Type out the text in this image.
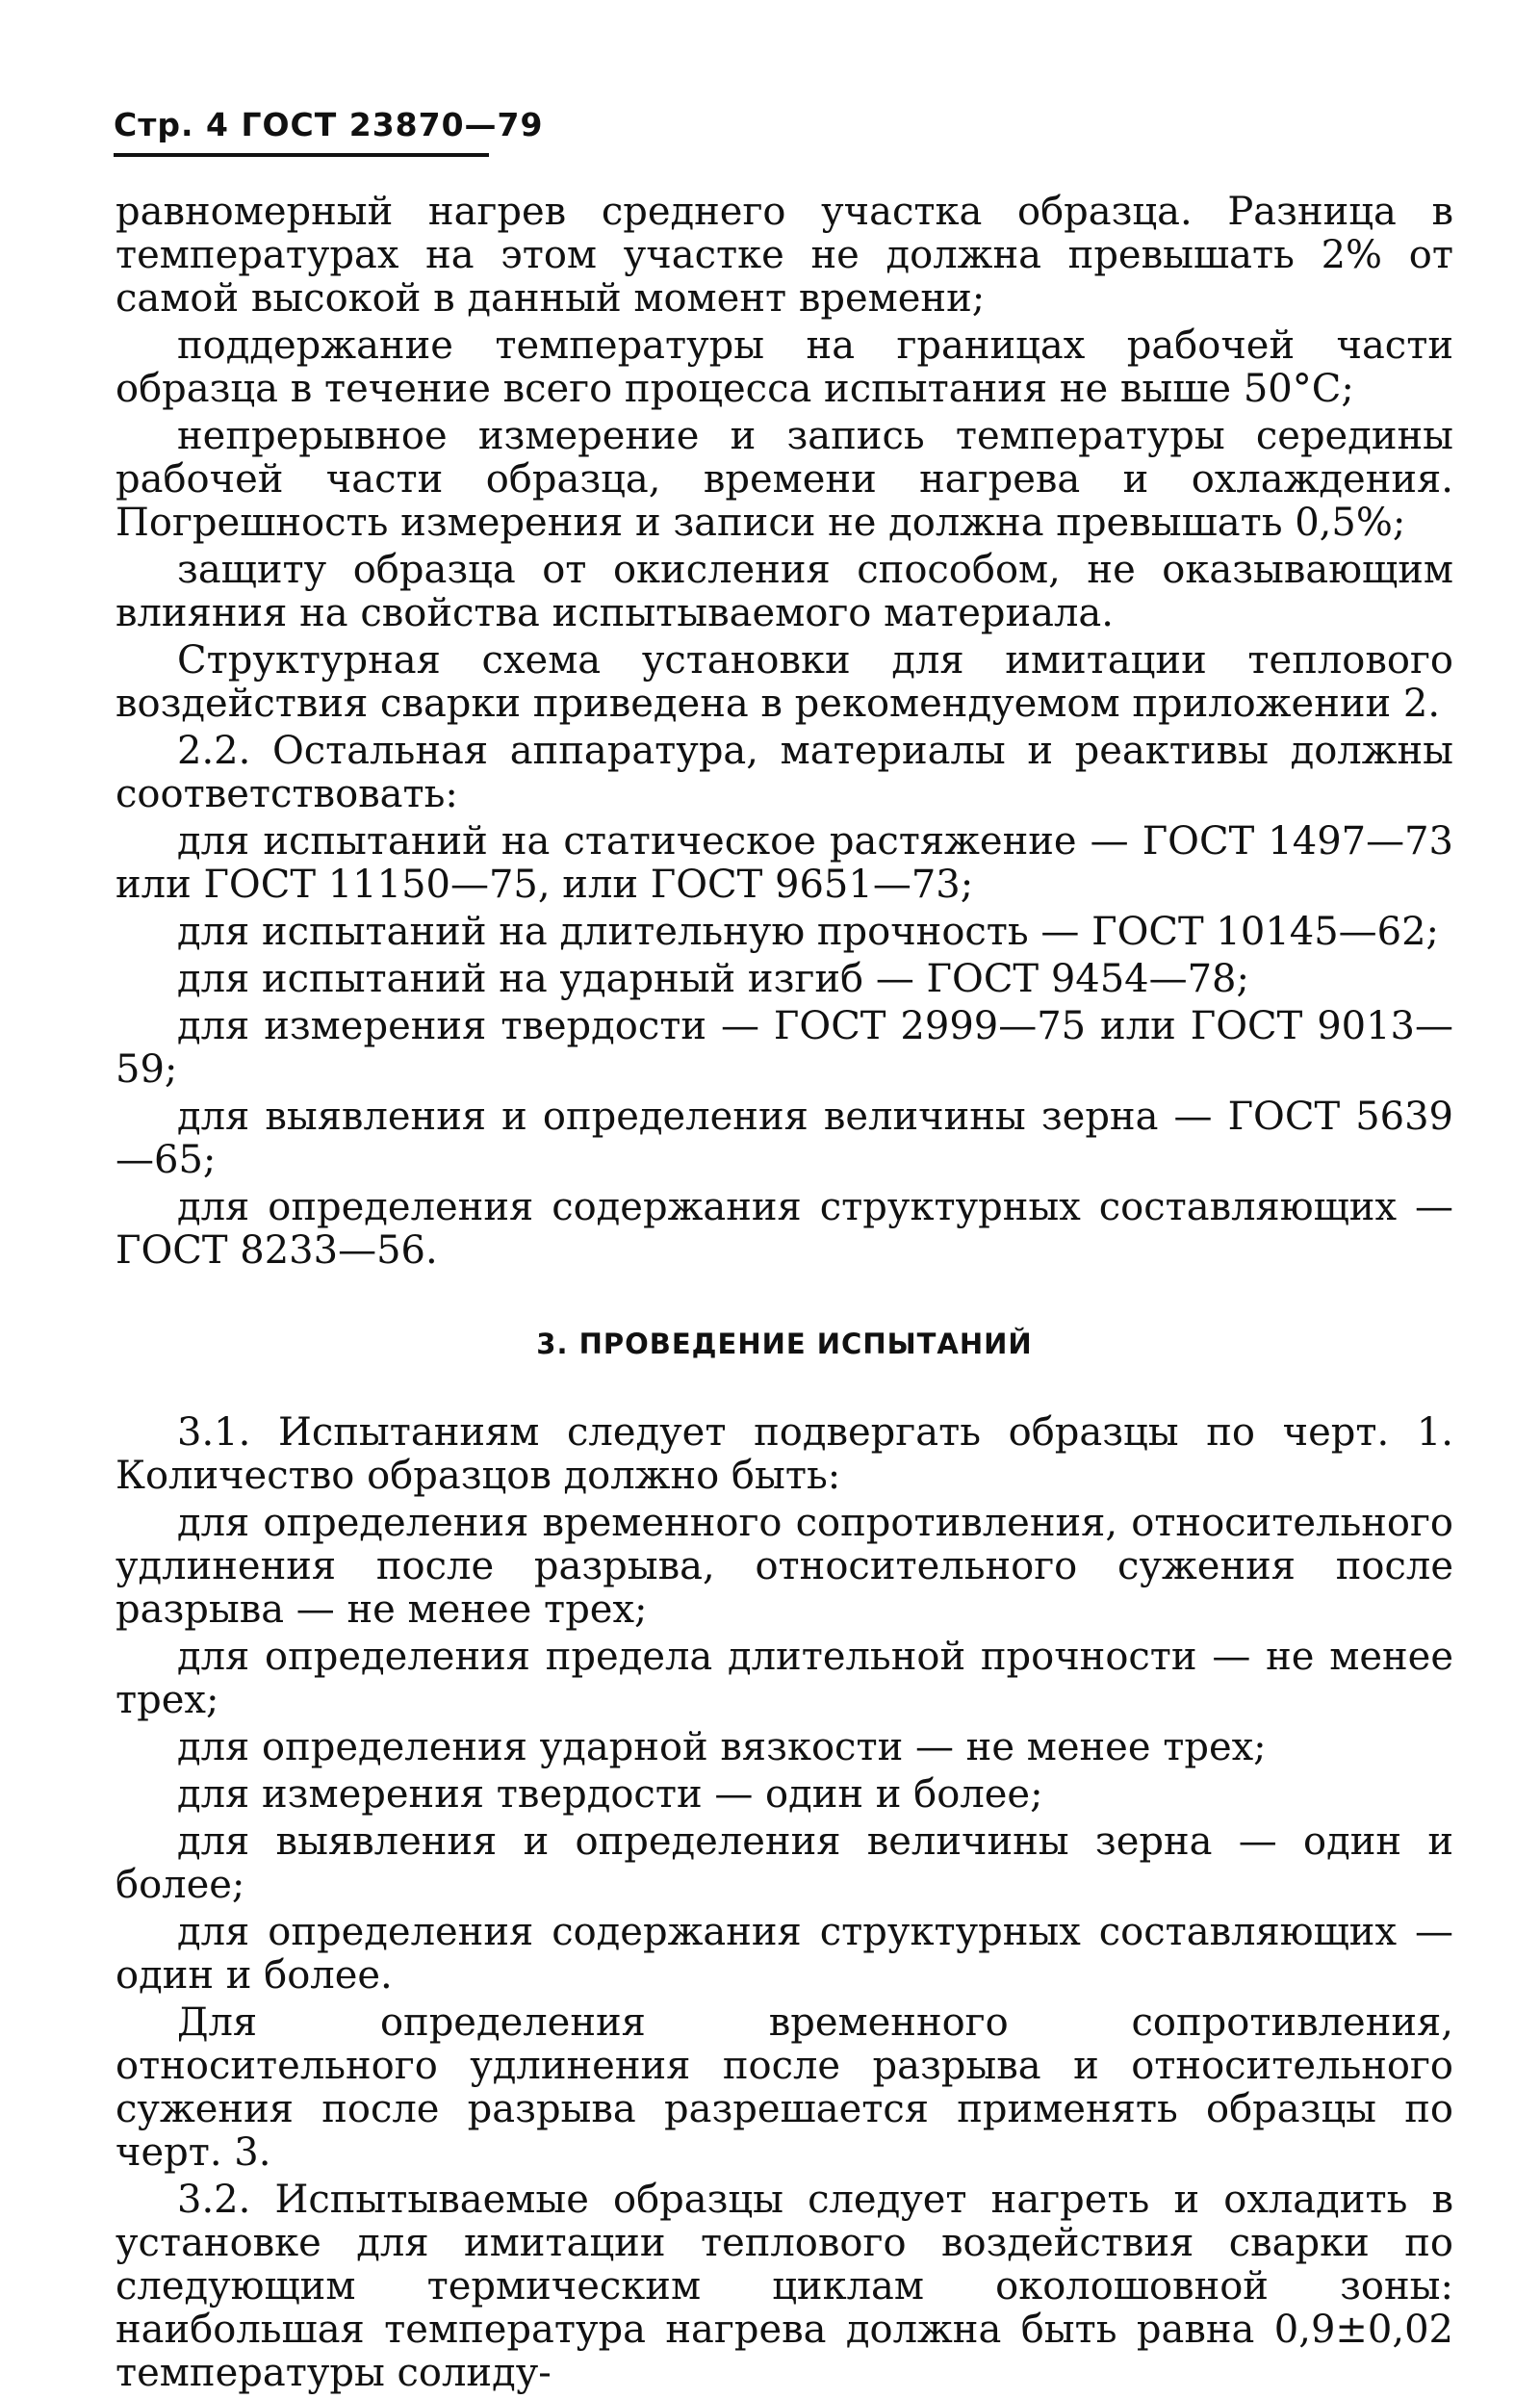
Стр. 4 ГОСТ 23870—79

равномерный нагрев среднего участка образца. Разница в температурах на этом участке не должна превышать 2% от самой высокой в данный момент времени;

поддержание температуры на границах рабочей части образца в течение всего процесса испытания не выше 50°С;

непрерывное измерение и запись температуры середины рабочей части образца, времени нагрева и охлаждения. Погрешность измерения и записи не должна превышать 0,5%;

защиту образца от окисления способом, не оказывающим влияния на свойства испытываемого материала.

Структурная схема установки для имитации теплового воздействия сварки приведена в рекомендуемом приложении 2.

2.2. Остальная аппаратура, материалы и реактивы должны соответствовать:

для испытаний на статическое растяжение — ГОСТ 1497—73 или ГОСТ 11150—75, или ГОСТ 9651—73;

для испытаний на длительную прочность — ГОСТ 10145—62;

для испытаний на ударный изгиб — ГОСТ 9454—78;

для измерения твердости — ГОСТ 2999—75 или ГОСТ 9013—59;

для выявления и определения величины зерна — ГОСТ 5639—65;

для определения содержания структурных составляющих — ГОСТ 8233—56.

3. ПРОВЕДЕНИЕ ИСПЫТАНИЙ

3.1. Испытаниям следует подвергать образцы по черт. 1. Количество образцов должно быть:

для определения временного сопротивления, относительного удлинения после разрыва, относительного сужения после разрыва — не менее трех;

для определения предела длительной прочности — не менее трех;

для определения ударной вязкости — не менее трех;

для измерения твердости — один и более;

для выявления и определения величины зерна — один и более;

для определения содержания структурных составляющих — один и более.

Для определения временного сопротивления, относительного удлинения после разрыва и относительного сужения после разрыва разрешается применять образцы по черт. 3.

3.2. Испытываемые образцы следует нагреть и охладить в установке для имитации теплового воздействия сварки по следующим термическим циклам околошовной зоны: наибольшая температура нагрева должна быть равна 0,9±0,02 температуры солиду-
